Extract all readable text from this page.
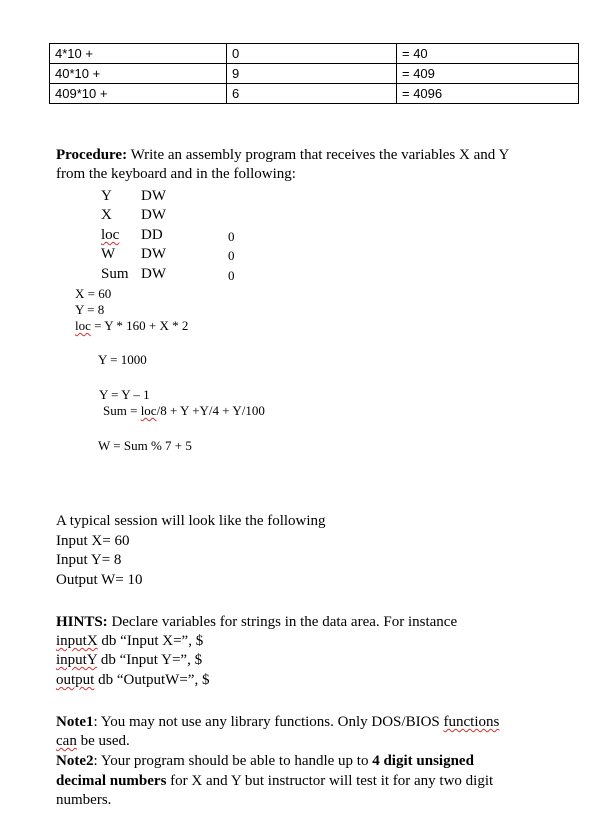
4*10 +	0	= 40
40*10 +	9	= 409
409*10 +	6	= 4096
Procedure: Write an assembly program that receives the variables X and Y
from the keyboard and in the following:
Y DW
X DW
loc DD	0
W DW	0
Sum DW	0
X = 60
Y = 8
loc = Y * 160 + X * 2
Y = 1000
Y = Y – 1
Sum = loc/8 + Y +Y/4 + Y/100
W = Sum % 7 + 5
A typical session will look like the following
Input X= 60
Input Y= 8
Output W= 10
HINTS: Declare variables for strings in the data area. For instance
inputX db “Input X=”, $
inputY db “Input Y=”, $
output db “OutputW=”, $
Note1: You may not use any library functions. Only DOS/BIOS functions
can be used.
Note2: Your program should be able to handle up to 4 digit unsigned
decimal numbers for X and Y but instructor will test it for any two digit
numbers.
